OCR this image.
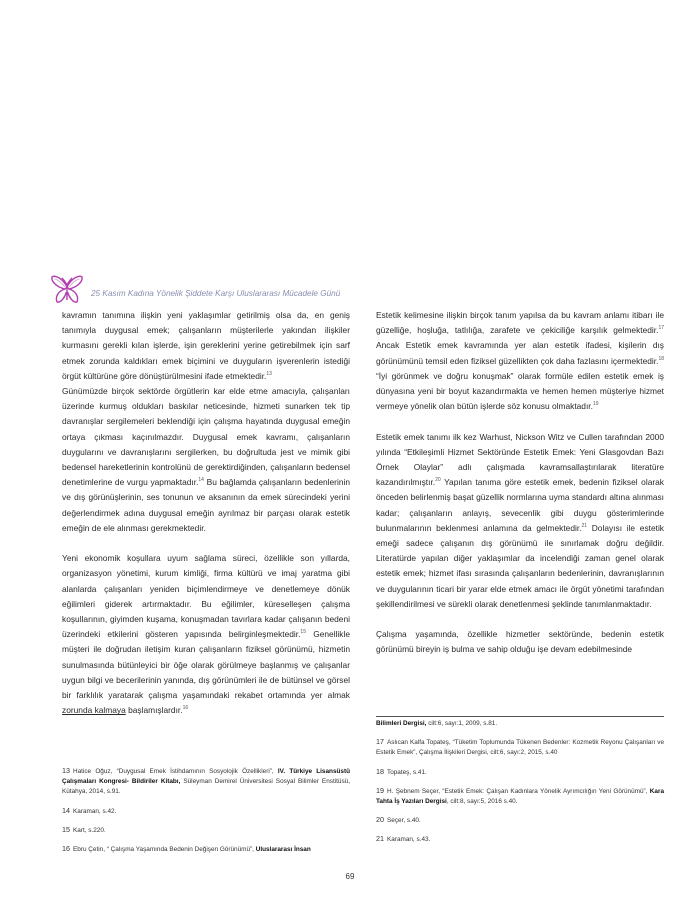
25 Kasım Kadına Yönelik Şiddete Karşı Uluslararası Mücadele Günü

kavramın tanımına ilişkin yeni yaklaşımlar getirilmiş olsa da, en geniş tanımıyla duygusal emek; çalışanların müşterilerle yakından ilişkiler kurmasını gerekli kılan işlerde, işin gereklerini yerine getirebilmek için sarf etmek zorunda kaldıkları emek biçimini ve duyguların işverenlerin istediği örgüt kültürüne göre dönüştürülmesini ifade etmektedir.$^{13}$

Günümüzde birçok sektörde örgütlerin kar elde etme amacıyla, çalışanları üzerinde kurmuş oldukları baskılar neticesinde, hizmeti sunarken tek tip davranışlar sergilemeleri beklendiği için çalışma hayatında duygusal emeğin ortaya çıkması kaçınılmazdır. Duygusal emek kavramı, çalışanların duygularını ve davranışlarını sergilerken, bu doğrultuda jest ve mimik gibi bedensel hareketlerinin kontrolünü de gerektirdiğinden, çalışanların bedensel denetimlerine de vurgu yapmaktadır.$^{14}$ Bu bağlamda çalışanların bedenlerinin ve dış görünüşlerinin, ses tonunun ve aksanının da emek sürecindeki yerini değerlendirmek adına duygusal emeğin ayrılmaz bir parçası olarak estetik emeğin de ele alınması gerekmektedir.

Yeni ekonomik koşullara uyum sağlama süreci, özellikle son yıllarda, organizasyon yönetimi, kurum kimliği, firma kültürü ve imaj yaratma gibi alanlarda çalışanları yeniden biçimlendirmeye ve denetlemeye dönük eğilimleri giderek artırmaktadır. Bu eğilimler, küreselleşen çalışma koşullarının, giyimden kuşama, konuşmadan tavırlara kadar çalışanın bedeni üzerindeki etkilerini gösteren yapısında belirginleşmektedir.$^{15}$ Genellikle müşteri ile doğrudan iletişim kuran çalışanların fiziksel görünümü, hizmetin sunulmasında bütünleyici bir öğe olarak görülmeye başlanmış ve çalışanlar uygun bilgi ve becerilerinin yanında, dış görünümleri ile de bütünsel ve görsel bir farklılık yaratarak çalışma yaşamındaki rekabet ortamında yer almak zorunda kalmaya başlamışlardır.$^{16}$

Estetik kelimesine ilişkin birçok tanım yapılsa da bu kavram anlamı itibarı ile güzelliğe, hoşluğa, tatlılığa, zarafete ve çekiciliğe karşılık gelmektedir.$^{17}$ Ancak Estetik emek kavramında yer alan estetik ifadesi, kişilerin dış görünümünü temsil eden fiziksel güzellikten çok daha fazlasını içermektedir.$^{18}$ “İyi görünmek ve doğru konuşmak” olarak formüle edilen estetik emek iş dünyasına yeni bir boyut kazandırmakta ve hemen hemen müşteriye hizmet vermeye yönelik olan bütün işlerde söz konusu olmaktadır.$^{19}$

Estetik emek tanımı ilk kez Warhust, Nickson Witz ve Cullen tarafından 2000 yılında “Etkileşimli Hizmet Sektöründe Estetik Emek: Yeni Glasgovdan Bazı Örnek Olaylar” adlı çalışmada kavramsallaştırılarak literatüre kazandırılmıştır.$^{20}$ Yapılan tanıma göre estetik emek, bedenin fiziksel olarak önceden belirlenmiş başat güzellik normlarına uyma standardı altına alınması kadar; çalışanların anlayış, sevecenlik gibi duygu gösterimlerinde bulunmalarının beklenmesi anlamına da gelmektedir.$^{21}$ Dolayısı ile estetik emeği sadece çalışanın dış görünümü ile sınırlamak doğru değildir. Literatürde yapılan diğer yaklaşımlar da incelendiği zaman genel olarak estetik emek; hizmet ifası sırasında çalışanların bedenlerinin, davranışlarının ve duygularının ticari bir yarar elde etmek amacı ile örgüt yönetimi tarafından şekillendirilmesi ve sürekli olarak denetlenmesi şeklinde tanımlanmaktadır.

Çalışma yaşamında, özellikle hizmetler sektöründe, bedenin estetik görünümü bireyin iş bulma ve sahip olduğu işe devam edebilmesinde

13 Hatice Oğuz, “Duygusal Emek İstihdamının Sosyolojik Özellikleri”, IV. Türkiye Lisansüstü Çalışmaları Kongresi- Bildiriler Kitabı, Süleyman Demirel Üniversitesi Sosyal Bilimler Enstitüsü, Kütahya, 2014, s.91.

14 Karaman, s.42.

15 Kart, s.220.

16 Ebru Çetin, “ Çalışma Yaşamında Bedenin Değişen Görünümü”, Uluslararası İnsan

Bilimleri Dergisi, cilt:6, sayı:1, 2009, s.81.

17 Aslıcan Kalfa Topateş, “Tüketim Toplumunda Tükenen Bedenler: Kozmetik Reyonu Çalışanları ve Estetik Emek”, Çalışma İlişkileri Dergisi, cilt:6, sayı:2, 2015, s.40

18 Topateş, s.41.

19 H. Şebnem Seçer, “Estetik Emek: Çalışan Kadınlara Yönelik Ayrımcılığın Yeni Görünümü”, Kara Tahta İş Yazıları Dergisi, cilt:8, sayı:5, 2016 s.40.

20 Seçer, s.40.

21 Karaman, s.43.

69
